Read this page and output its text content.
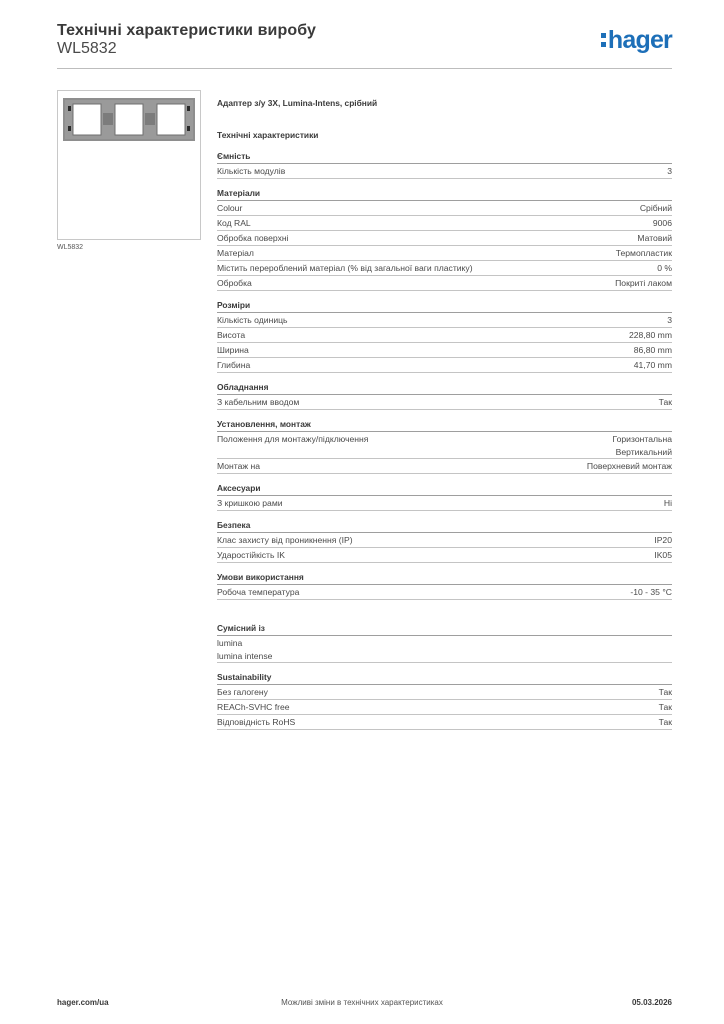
Технічні характеристики виробу
WL5832	hager
WL5832
Адаптер з/у 3X, Lumina-Intens, срібний
Технічні характеристики
Ємність
Кількість модулів	3
Матеріали
Colour	Срібний
Код RAL	9006
Обробка поверхні	Матовий
Матеріал	Термопластик
Містить перероблений матеріал (% від загальної ваги пластику)	0 %
Обробка	Покриті лаком
Розміри
Кількість одиниць	3
Висота	228,80 mm
Ширина	86,80 mm
Глибина	41,70 mm
Обладнання
З кабельним вводом	Так
Установлення, монтаж
Положення для монтажу/підключення	Горизонтальна
Вертикальний
Монтаж на	Поверхневий монтаж
Аксесуари
З кришкою рами	Ні
Безпека
Клас захисту від проникнення (IP)	IP20
Ударостійкість IK	IK05
Умови використання
Робоча температура	-10 - 35 °C
Сумісний із
lumina
lumina intense
Sustainability
Без галогену	Так
REACh-SVHC free	Так
Відповідність RoHS	Так
hager.com/ua	Можливі зміни в технічних характеристиках	05.03.2026
